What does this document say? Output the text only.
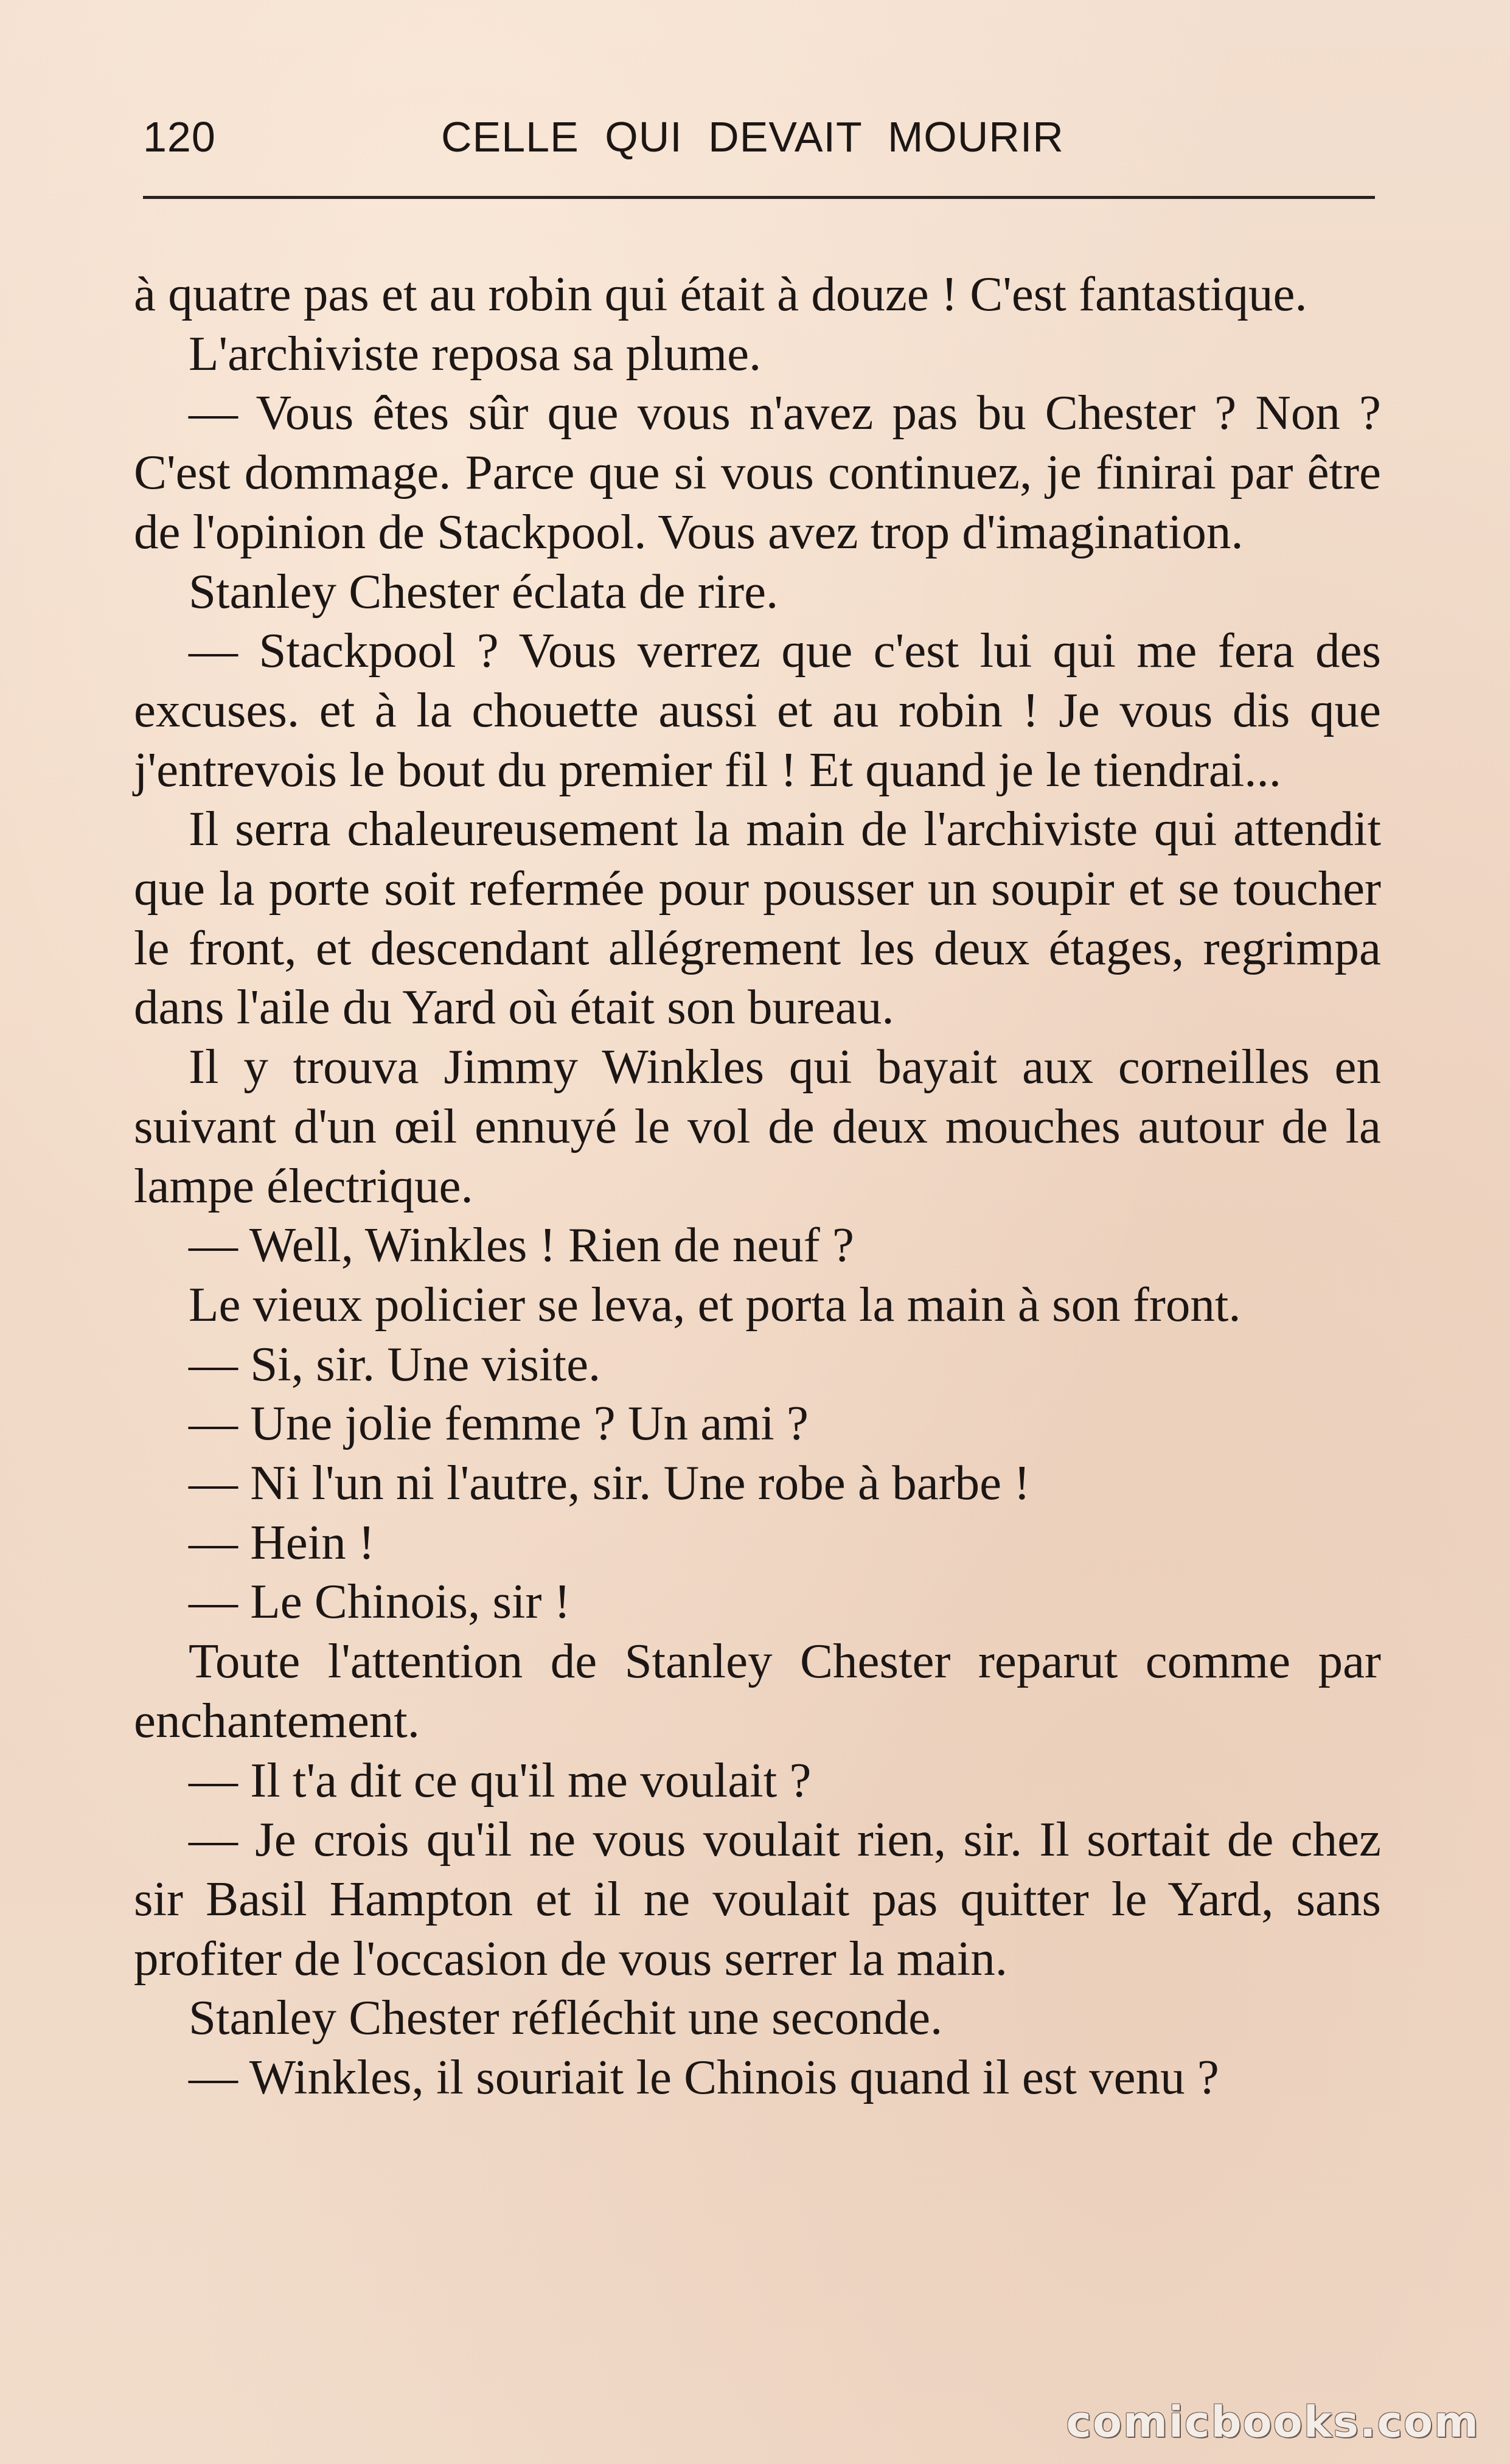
120	CELLE QUI DEVAIT MOURIR

à quatre pas et au robin qui était à douze ! C'est fantastique.

L'archiviste reposa sa plume.

— Vous êtes sûr que vous n'avez pas bu Chester ? Non ? C'est dommage. Parce que si vous continuez, je finirai par être de l'opinion de Stackpool. Vous avez trop d'imagination.

Stanley Chester éclata de rire.

— Stackpool ? Vous verrez que c'est lui qui me fera des excuses. et à la chouette aussi et au robin ! Je vous dis que j'entrevois le bout du premier fil ! Et quand je le tiendrai...

Il serra chaleureusement la main de l'archiviste qui attendit que la porte soit refermée pour pousser un soupir et se toucher le front, et descendant allégrement les deux étages, regrimpa dans l'aile du Yard où était son bureau.

Il y trouva Jimmy Winkles qui bayait aux corneilles en suivant d'un œil ennuyé le vol de deux mouches autour de la lampe électrique.

— Well, Winkles ! Rien de neuf ?

Le vieux policier se leva, et porta la main à son front.

— Si, sir. Une visite.

— Une jolie femme ? Un ami ?

— Ni l'un ni l'autre, sir. Une robe à barbe !

— Hein !

— Le Chinois, sir !

Toute l'attention de Stanley Chester reparut comme par enchantement.

— Il t'a dit ce qu'il me voulait ?

— Je crois qu'il ne vous voulait rien, sir. Il sortait de chez sir Basil Hampton et il ne voulait pas quitter le Yard, sans profiter de l'occasion de vous serrer la main.

Stanley Chester réfléchit une seconde.

— Winkles, il souriait le Chinois quand il est venu ?

comicbooks.com
